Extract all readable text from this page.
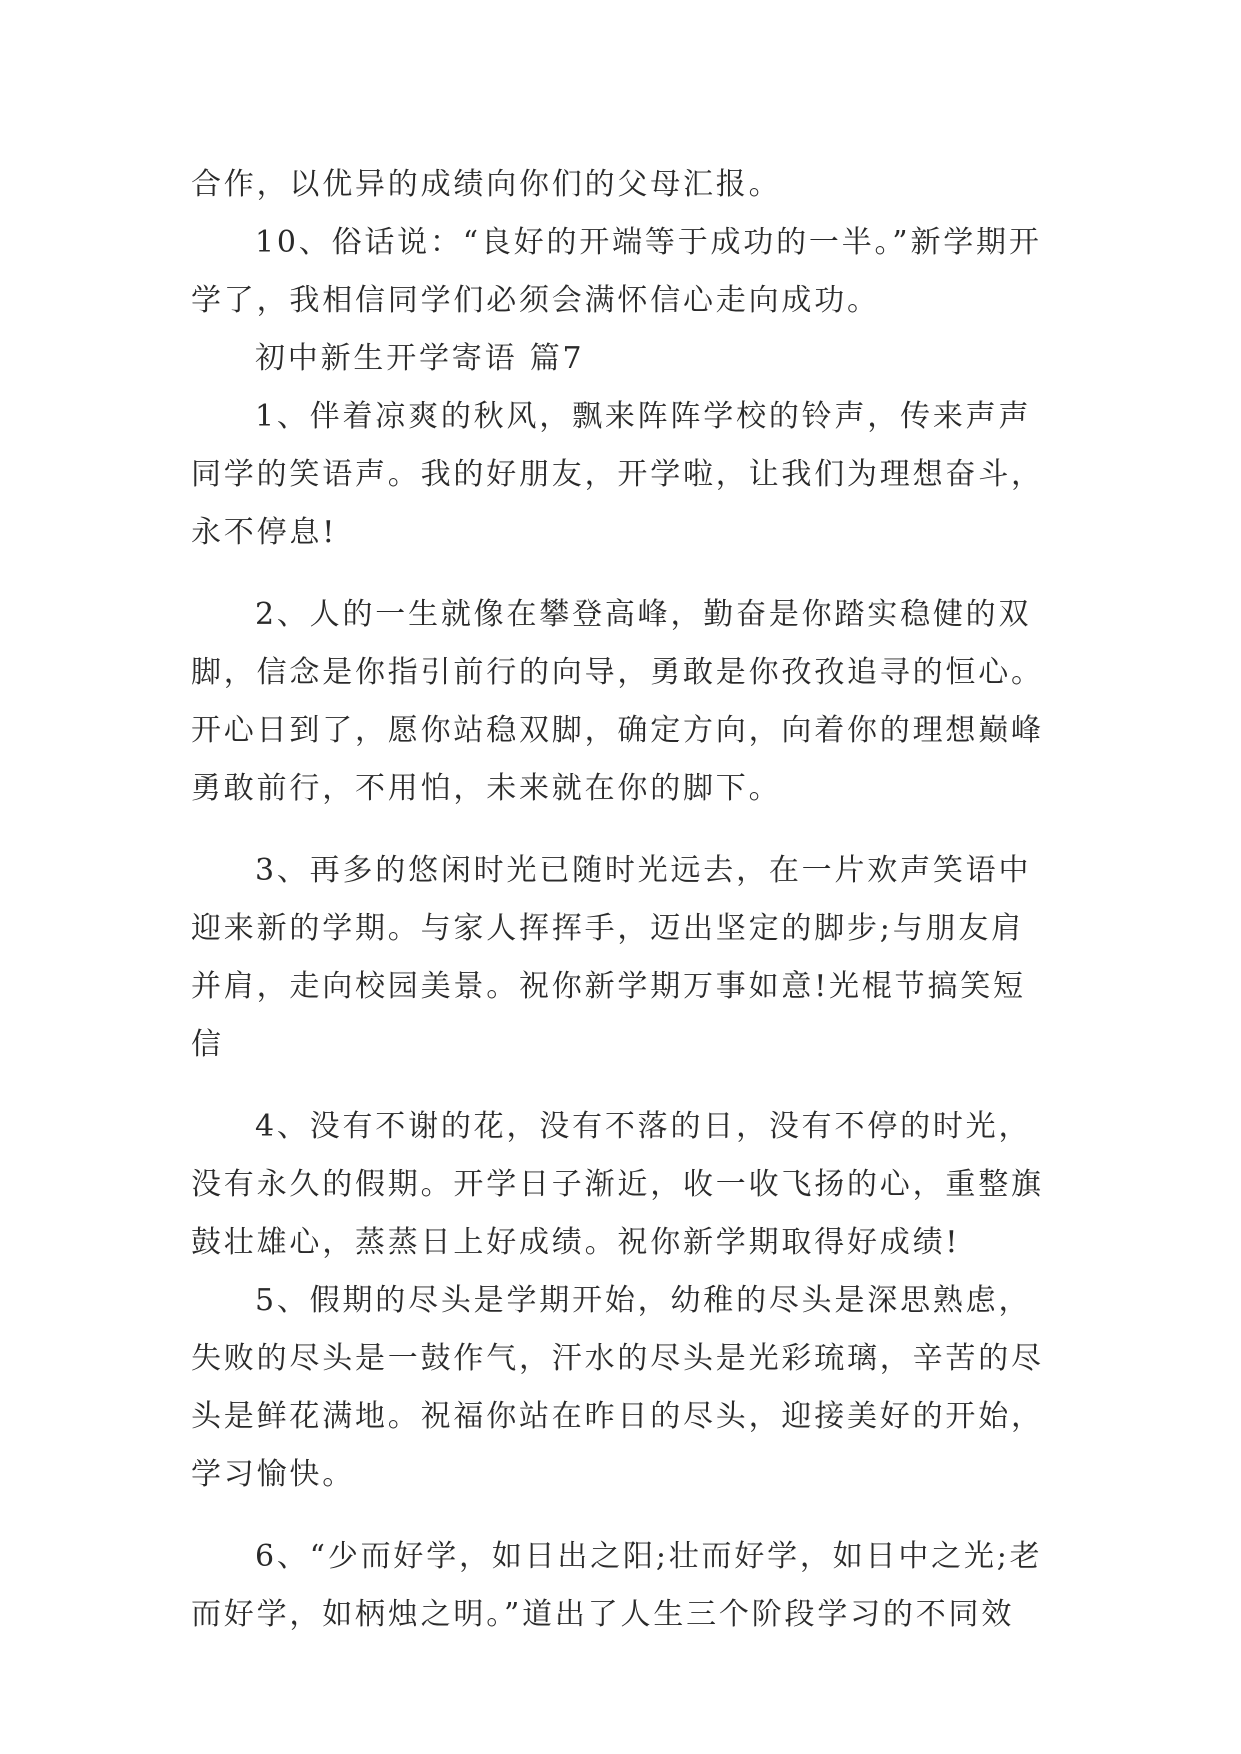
合作，以优异的成绩向你们的父母汇报。
10、俗话说：“良好的开端等于成功的一半。”新学期开
学了，我相信同学们必须会满怀信心走向成功。
初中新生开学寄语 篇7
1、伴着凉爽的秋风，飘来阵阵学校的铃声，传来声声
同学的笑语声。我的好朋友，开学啦，让我们为理想奋斗，
永不停息!
2、人的一生就像在攀登高峰，勤奋是你踏实稳健的双
脚，信念是你指引前行的向导，勇敢是你孜孜追寻的恒心。
开心日到了，愿你站稳双脚，确定方向，向着你的理想巅峰
勇敢前行，不用怕，未来就在你的脚下。
3、再多的悠闲时光已随时光远去，在一片欢声笑语中
迎来新的学期。与家人挥挥手，迈出坚定的脚步;与朋友肩
并肩，走向校园美景。祝你新学期万事如意!光棍节搞笑短
信
4、没有不谢的花，没有不落的日，没有不停的时光，
没有永久的假期。开学日子渐近，收一收飞扬的心，重整旗
鼓壮雄心，蒸蒸日上好成绩。祝你新学期取得好成绩!
5、假期的尽头是学期开始，幼稚的尽头是深思熟虑，
失败的尽头是一鼓作气，汗水的尽头是光彩琉璃，辛苦的尽
头是鲜花满地。祝福你站在昨日的尽头，迎接美好的开始，
学习愉快。
6、“少而好学，如日出之阳;壮而好学，如日中之光;老
而好学，如柄烛之明。”道出了人生三个阶段学习的不同效
